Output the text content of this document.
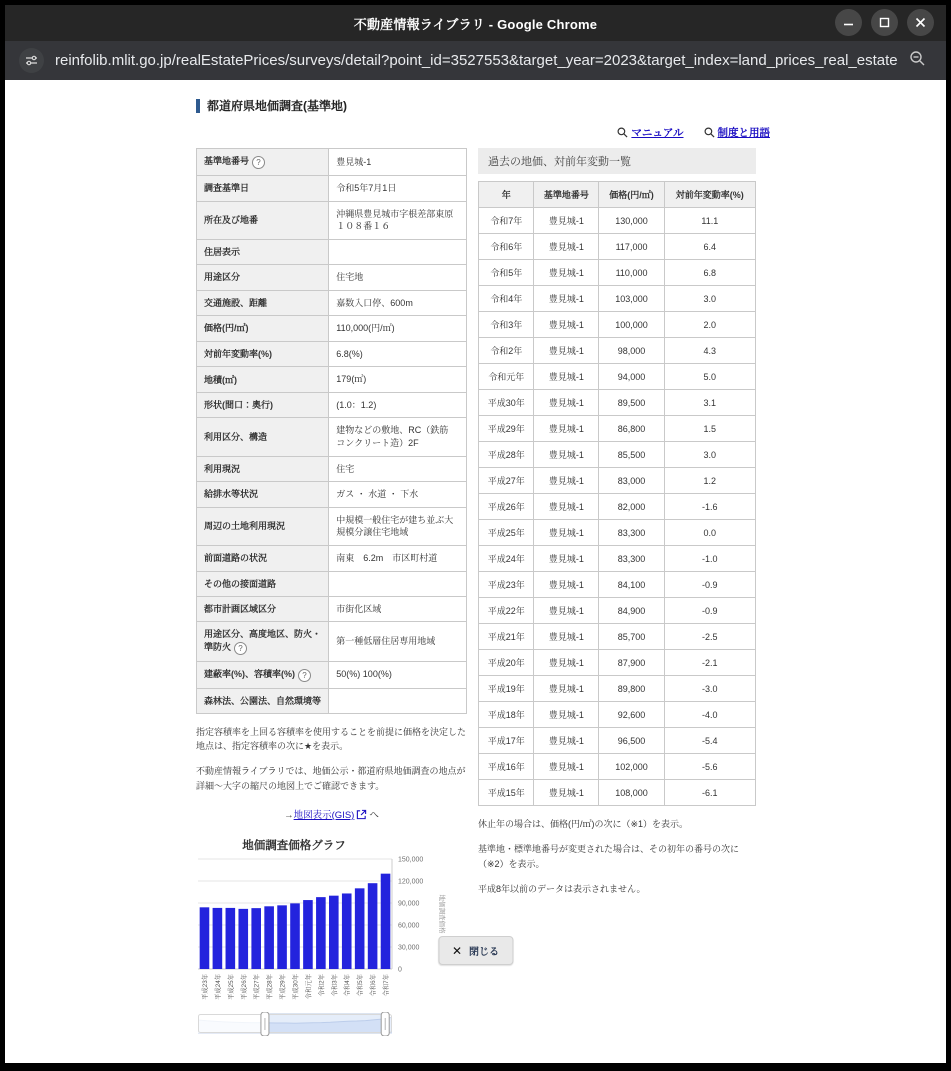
不動産情報ライブラリ - Google Chrome
reinfolib.mlit.go.jp/realEstatePrices/surveys/detail?point_id=3527553&target_year=2023&target_index=land_prices_real_estate
都道府県地価調査(基準地)
マニュアル	制度と用語
基準地番号 ?	豊見城-1
調査基準日	令和5年7月1日
所在及び地番	沖縄県豊見城市字根差部東原１０８番１６
住居表示	
用途区分	住宅地
交通施設、距離	嘉数入口停、600m
価格(円/㎡)	110,000(円/㎡)
対前年変動率(%)	6.8(%)
地積(㎡)	179(㎡)
形状(間口：奥行)	(1.0：1.2)
利用区分、構造	建物などの敷地、RC（鉄筋 コンクリート造）2F
利用現況	住宅
給排水等状況	ガス ・ 水道 ・ 下水
周辺の土地利用現況	中規模一般住宅が建ち並ぶ大規模分譲住宅地域
前面道路の状況	南東　6.2m　市区町村道
その他の接面道路	
都市計画区域区分	市街化区域
用途区分、高度地区、防火・準防火 ?	第一種低層住居専用地域
建蔽率(%)、容積率(%) ?	50(%) 100(%)
森林法、公園法、自然環境等	

指定容積率を上回る容積率を使用することを前提に価格を決定した地点は、指定容積率の次に★を表示。

不動産情報ライブラリでは、地価公示・都道府県地価調査の地点が詳細～大字の縮尺の地図上でご確認できます。

→地図表示(GIS) へ
地価調査価格グラフ
0
30,000
60,000
90,000
120,000
150,000
平成23年 平成24年 平成25年 平成26年 平成27年 平成28年 平成29年 平成30年 令和元年 令和2年 令和3年 令和4年 令和5年 令和6年 令和7年
地価調査価格
過去の地価、対前年変動一覧
年	基準地番号	価格(円/㎡)	対前年変動率(%)
令和7年	豊見城-1	130,000	11.1
令和6年	豊見城-1	117,000	6.4
令和5年	豊見城-1	110,000	6.8
令和4年	豊見城-1	103,000	3.0
令和3年	豊見城-1	100,000	2.0
令和2年	豊見城-1	98,000	4.3
令和元年	豊見城-1	94,000	5.0
平成30年	豊見城-1	89,500	3.1
平成29年	豊見城-1	86,800	1.5
平成28年	豊見城-1	85,500	3.0
平成27年	豊見城-1	83,000	1.2
平成26年	豊見城-1	82,000	-1.6
平成25年	豊見城-1	83,300	0.0
平成24年	豊見城-1	83,300	-1.0
平成23年	豊見城-1	84,100	-0.9
平成22年	豊見城-1	84,900	-0.9
平成21年	豊見城-1	85,700	-2.5
平成20年	豊見城-1	87,900	-2.1
平成19年	豊見城-1	89,800	-3.0
平成18年	豊見城-1	92,600	-4.0
平成17年	豊見城-1	96,500	-5.4
平成16年	豊見城-1	102,000	-5.6
平成15年	豊見城-1	108,000	-6.1

休止年の場合は、価格(円/㎡)の次に（※1）を表示。

基準地・標準地番号が変更された場合は、その初年の番号の次に（※2）を表示。

平成8年以前のデータは表示されません。

✕ 閉じる
